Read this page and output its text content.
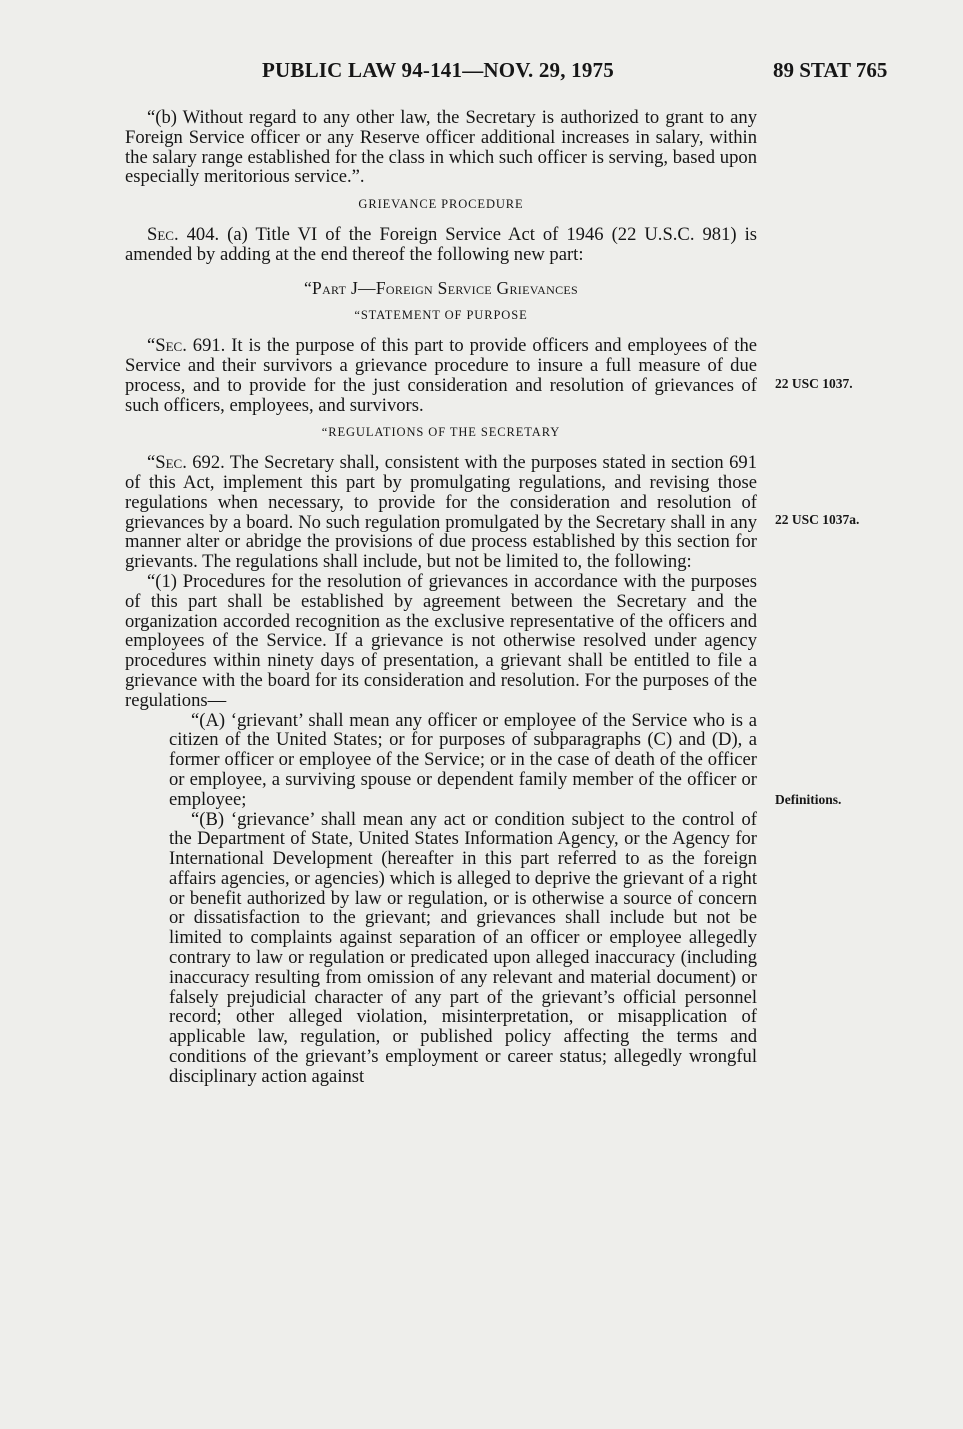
PUBLIC LAW 94-141—NOV. 29, 1975	89 STAT 765
22 USC 1037.
22 USC 1037a.
Definitions.

“(b) Without regard to any other law, the Secretary is authorized to grant to any Foreign Service officer or any Reserve officer additional increases in salary, within the salary range established for the class in which such officer is serving, based upon especially meritorious service.”.

GRIEVANCE PROCEDURE

Sec. 404. (a) Title VI of the Foreign Service Act of 1946 (22 U.S.C. 981) is amended by adding at the end thereof the following new part:

“Part J—Foreign Service Grievances
“STATEMENT OF PURPOSE

“Sec. 691. It is the purpose of this part to provide officers and employees of the Service and their survivors a grievance procedure to insure a full measure of due process, and to provide for the just consideration and resolution of grievances of such officers, employees, and survivors.

“REGULATIONS OF THE SECRETARY

“Sec. 692. The Secretary shall, consistent with the purposes stated in section 691 of this Act, implement this part by promulgating regulations, and revising those regulations when necessary, to provide for the consideration and resolution of grievances by a board. No such regulation promulgated by the Secretary shall in any manner alter or abridge the provisions of due process established by this section for grievants. The regulations shall include, but not be limited to, the following:

“(1) Procedures for the resolution of grievances in accordance with the purposes of this part shall be established by agreement between the Secretary and the organization accorded recognition as the exclusive representative of the officers and employees of the Service. If a grievance is not otherwise resolved under agency procedures within ninety days of presentation, a grievant shall be entitled to file a grievance with the board for its consideration and resolution. For the purposes of the regulations—

“(A) ‘grievant’ shall mean any officer or employee of the Service who is a citizen of the United States; or for purposes of subparagraphs (C) and (D), a former officer or employee of the Service; or in the case of death of the officer or employee, a surviving spouse or dependent family member of the officer or employee;

“(B) ‘grievance’ shall mean any act or condition subject to the control of the Department of State, United States Information Agency, or the Agency for International Development (hereafter in this part referred to as the foreign affairs agencies, or agencies) which is alleged to deprive the grievant of a right or benefit authorized by law or regulation, or is otherwise a source of concern or dissatisfaction to the grievant; and grievances shall include but not be limited to complaints against separation of an officer or employee allegedly contrary to law or regulation or predicated upon alleged inaccuracy (including inaccuracy resulting from omission of any relevant and material document) or falsely prejudicial character of any part of the grievant’s official personnel record; other alleged violation, misinterpretation, or misapplication of applicable law, regulation, or published policy affecting the terms and conditions of the grievant’s employment or career status; allegedly wrongful disciplinary action against
